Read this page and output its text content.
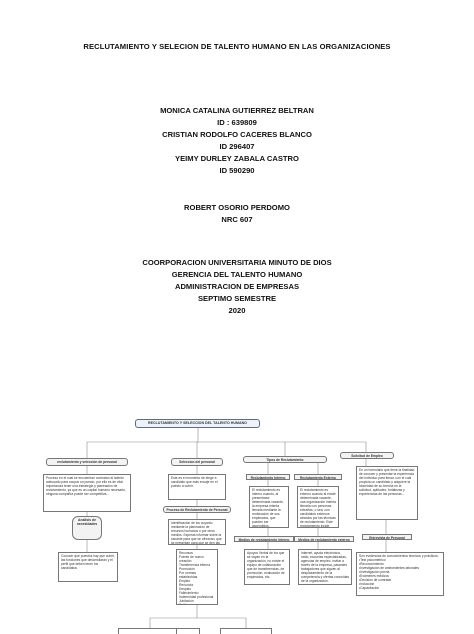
RECLUTAMIENTO Y SELECION DE TALENTO HUMANO EN LAS ORGANIZACIONES
MONICA CATALINA GUTIERREZ BELTRAN
ID : 639809
CRISTIAN RODOLFO CACERES BLANCO
ID 296407
YEIMY DURLEY ZABALA CASTRO
ID 590290
ROBERT OSORIO PERDOMO
NRC 607
COORPORACION UNIVERSITARIA MINUTO DE DIOS
GERENCIA DEL TALENTO HUMANO
ADMINISTRACION DE EMPRESAS
SEPTIMO SEMESTRE
2020
RECLUTAMIENTO Y SELECCION DEL TALENTO HUMANO
reclutamiento y selección de personal
Proceso en el cual se encuentran contratan al talento adecuado para ocupar un puesto, por ello es de vital importancia tener una estrategia y planeación de reclutamiento, ya que es un capital humano necesario, ninguna compañía puede ser competitiva...
Analisis de necesidades
Conocer qué puestos hay que cubrir, las funciones que desarrollarán y el perfil que deben tener los candidatos.
Seleccion del personal
Este es el momento de elegir a candidato que más encaje en el puesto a cubrir.
Proceso de Reclutamiento de Personal
Identificación de los cuyanto mediante la planeación de recursos humanos o por otros medios. Esperas informar sobre la vacante para que se ofrezcan, que se presentan para que se den las
Recursos
Fuente de nuevo creación
Transferencia interna
Promoción
Por normas establecidas
Empleo
Renuncia
Despido
Fallecimiento
Indemnidad profesional
Jubilación
Políticas

Tipos de Reclutamiento
Reclutamiento Interno
El reclutamiento es interno cuando, al presentarse determinada vacante, la empresa intenta llenarla mediante la reubicación de sus empleados, que pueden ser ascendidos.
Reclutamiento Externo
El reclutamiento es externo cuando al existir determinada vacante, una organización intenta llenarla con personas extrañas, o sea, con candidatos externos atraídos por las técnicas de reclutamiento. Este reclutamiento incide
Medios de reclutamiento interno
Apoyos Verbal de los que se vayan en la organización, no existe el equipo de colaboración que de transferencias, de promoción, evaluación de empleados, etc.
Medios de reclutamiento externo
Internet, ayuda electrónica, radio, escuelas especializadas, agencias de empleo, invitar a través de la empresa, pasantes trabajadores que siguen al desplazamiento de la competencia y ofertas conocidas de la organización.
Solicitud de Empleo
En un formulario que tiene la finalidad de conocer y presentar la experiencia del individuo para llenar, con el cual propicia un candidato y adquiere la idoneidad de su brecha en la solicitud, aptitudes, fortalezas y experiencias de las personas...
Entrevista de Personal
Son evidencias de conocimientos técnicos y prácticos:
•Test psicométrico
•Reconocimiento
•Investigación de antecedentes laborales
•Investigación previa
•Exámenes médicos
•Decisión de contratar
•Inducción
•Capacitación
